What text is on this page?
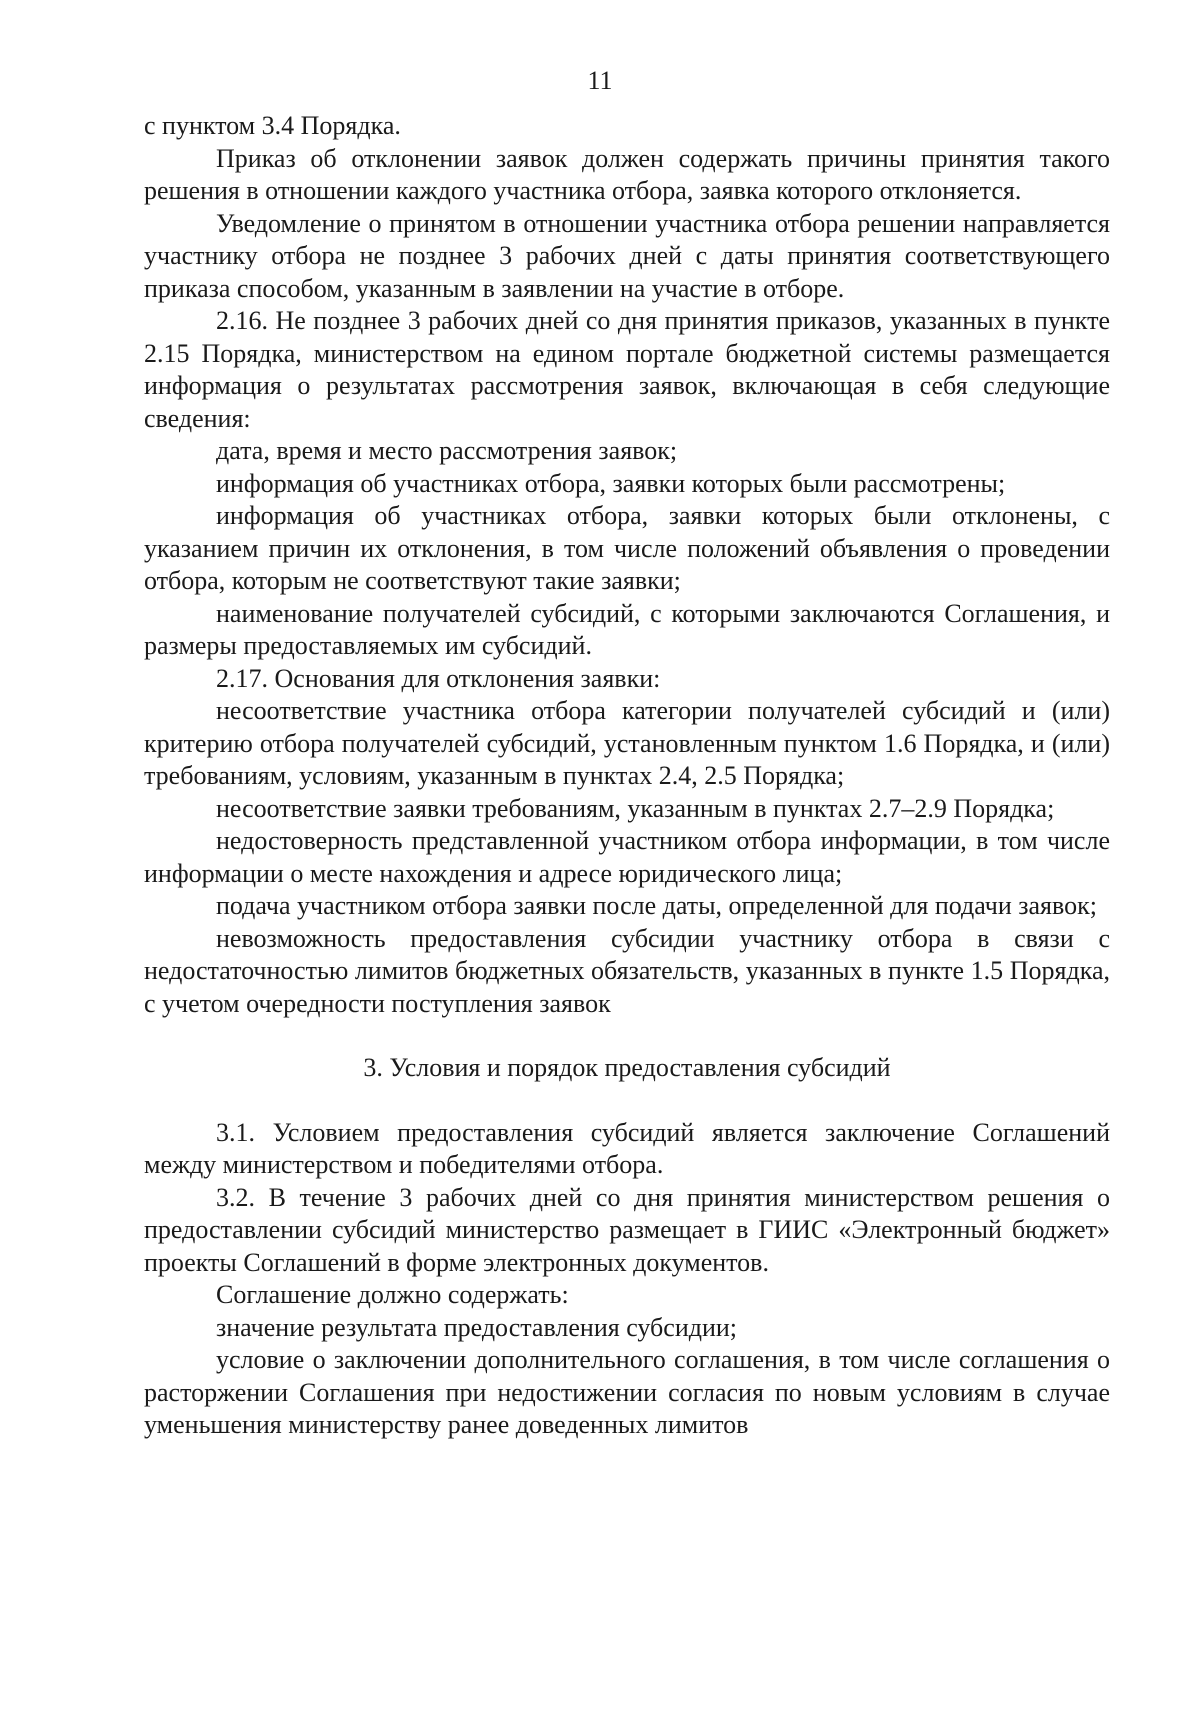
11

с пунктом 3.4 Порядка.

Приказ об отклонении заявок должен содержать причины принятия такого решения в отношении каждого участника отбора, заявка которого отклоняется.

Уведомление о принятом в отношении участника отбора решении направляется участнику отбора не позднее 3 рабочих дней с даты принятия соответствующего приказа способом, указанным в заявлении на участие в отборе.

2.16. Не позднее 3 рабочих дней со дня принятия приказов, указанных в пункте 2.15 Порядка, министерством на едином портале бюджетной системы размещается информация о результатах рассмотрения заявок, включающая в себя следующие сведения:

дата, время и место рассмотрения заявок;

информация об участниках отбора, заявки которых были рассмотрены;

информация об участниках отбора, заявки которых были отклонены, с указанием причин их отклонения, в том числе положений объявления о проведении отбора, которым не соответствуют такие заявки;

наименование получателей субсидий, с которыми заключаются Соглашения, и размеры предоставляемых им субсидий.

2.17. Основания для отклонения заявки:

несоответствие участника отбора категории получателей субсидий и (или) критерию отбора получателей субсидий, установленным пунктом 1.6 Порядка, и (или) требованиям, условиям, указанным в пунктах 2.4, 2.5 Порядка;

несоответствие заявки требованиям, указанным в пунктах 2.7–2.9 Порядка;

недостоверность представленной участником отбора информации, в том числе информации о месте нахождения и адресе юридического лица;

подача участником отбора заявки после даты, определенной для подачи заявок;

невозможность предоставления субсидии участнику отбора в связи с недостаточностью лимитов бюджетных обязательств, указанных в пункте 1.5 Порядка, с учетом очередности поступления заявок

3. Условия и порядок предоставления субсидий

3.1. Условием предоставления субсидий является заключение Соглашений между министерством и победителями отбора.

3.2. В течение 3 рабочих дней со дня принятия министерством решения о предоставлении субсидий министерство размещает в ГИИС «Электронный бюджет» проекты Соглашений в форме электронных документов.

Соглашение должно содержать:

значение результата предоставления субсидии;

условие о заключении дополнительного соглашения, в том числе соглашения о расторжении Соглашения при недостижении согласия по новым условиям в случае уменьшения министерству ранее доведенных лимитов
